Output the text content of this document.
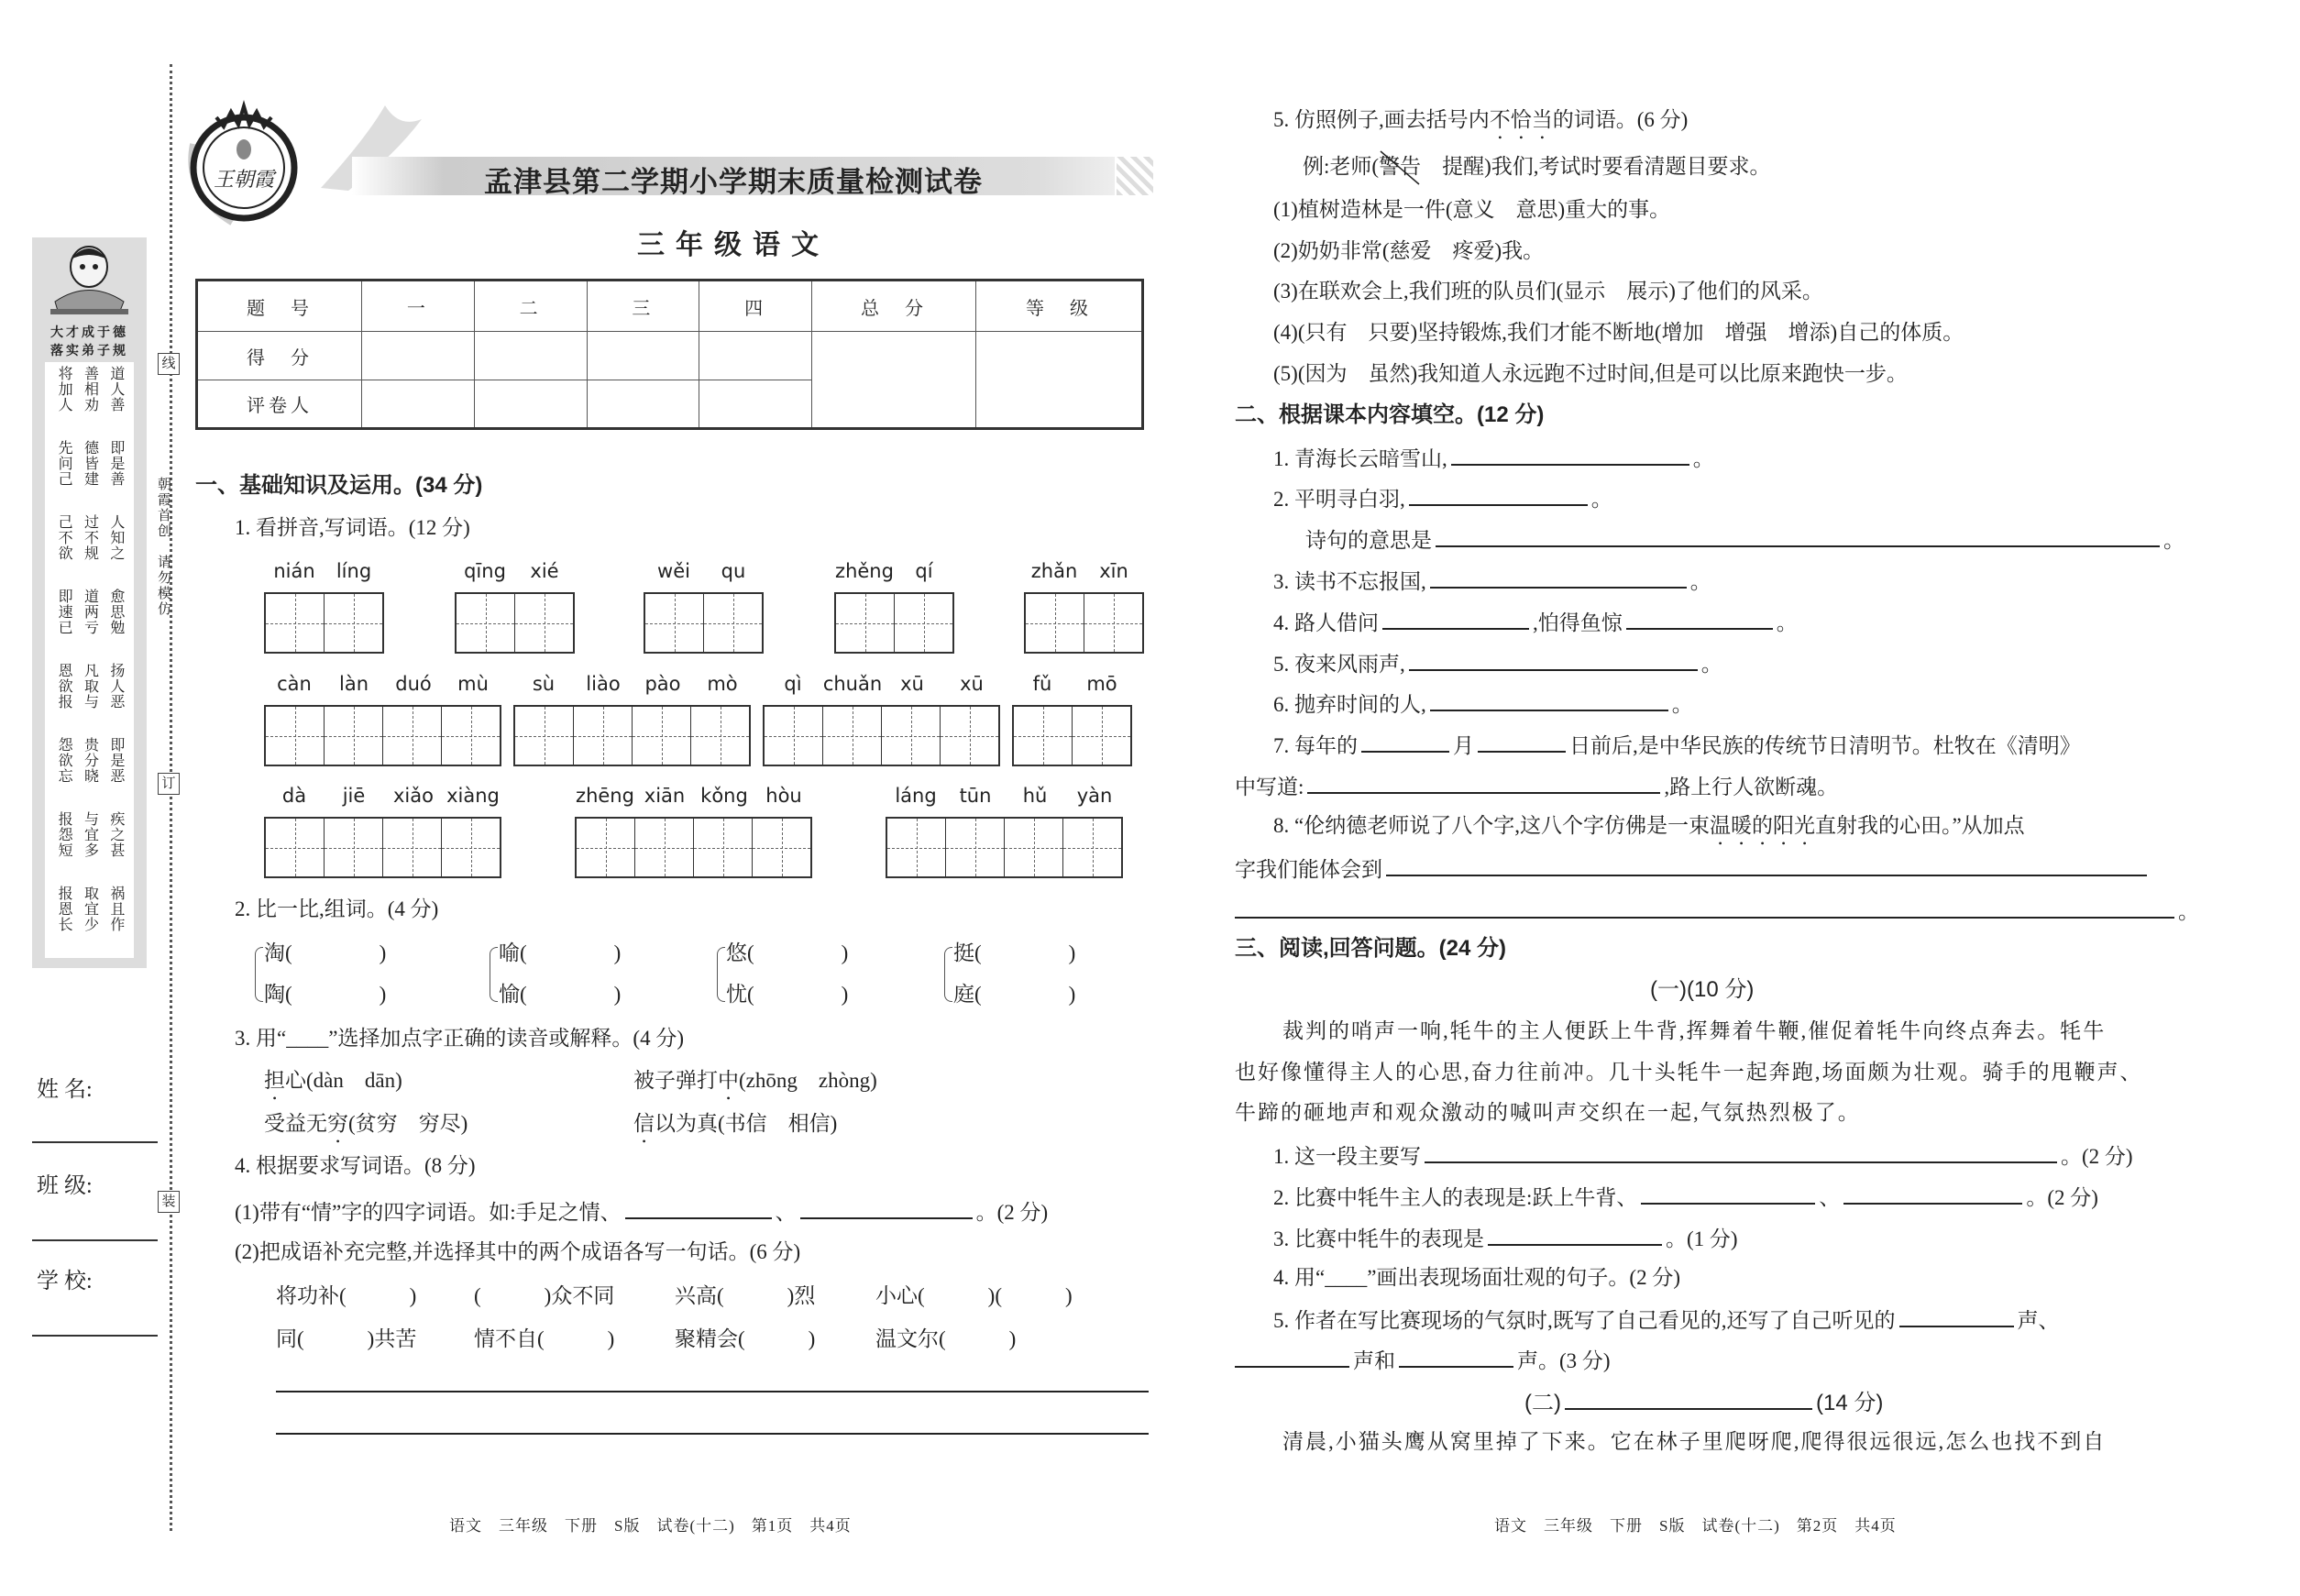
线
订
装
朝霞首创　请勿模仿
大才成于德
落实弟子规
将加人 善相劝 道人善
先问己 德皆建 即是善
己不欲 过不规 人知之
即速已 道两亏 愈思勉
恩欲报 凡取与 扬人恶
怨欲忘 贵分晓 即是恶
报怨短 与宜多 疾之甚
报恩长 取宜少 祸且作
姓 名:
班 级:
学 校:
王朝霞	孟津县第二学期小学期末质量检测试卷
三年级语文
题　号	一	二	三	四	总　分	等　级
得　分						
评卷人						
一、基础知识及运用。(34 分)
1. 看拼音,写词语。(12 分)
nián líng	qīng xié	wěi qu	zhěng qí	zhǎn xīn
càn làn duó mù sù liào pào mò qì chuǎn xū xū	fǔ mō
dà jiē xiǎo xiàng	zhēng xiān kǒng hòu	láng tūn hǔ yàn
2. 比一比,组词。(4 分)
淘(	)
陶(	)
喻(	)
愉(	)
悠(	)
忧(	)
挺(	)
庭(	)
3. 用“____”选择加点字正确的读音或解释。(4 分)
担心(dàn　dān)	被子弹打中(zhōng　zhòng)
受益无穷(贫穷　穷尽)	信以为真(书信　相信)
4. 根据要求写词语。(8 分)
(1)带有“情”字的四字词语。如:手足之情、	、	。(2 分)
(2)把成语补充完整,并选择其中的两个成语各写一句话。(6 分)
将功补(　　　)	(　　　)众不同	兴高(　　　)烈	小心(　　　)(　　　)
同(　　　)共苦	情不自(　　　)	聚精会(　　　)	温文尔(　　　)
语文　三年级　下册　S版　试卷(十二)　第1页　共4页
5. 仿照例子,画去括号内不恰当的词语。(6 分)
例:老师(警告
　提醒)我们,考试时要看清题目要求。
(1)植树造林是一件(意义　意思)重大的事。
(2)奶奶非常(慈爱　疼爱)我。
(3)在联欢会上,我们班的队员们(显示　展示)了他们的风采。
(4)(只有　只要)坚持锻炼,我们才能不断地(增加　增强　增添)自己的体质。
(5)(因为　虽然)我知道人永远跑不过时间,但是可以比原来跑快一步。
二、根据课本内容填空。(12 分)
1. 青海长云暗雪山,	。
2. 平明寻白羽,	。
诗句的意思是	。
3. 读书不忘报国,	。
4. 路人借问	,怕得鱼惊	。
5. 夜来风雨声,	。
6. 抛弃时间的人,	。
7. 每年的	月	日前后,是中华民族的传统节日清明节。杜牧在《清明》
中写道:	,路上行人欲断魂。
8. “伦纳德老师说了八个字,这八个字仿佛是一束温暖的阳光直射我的心田。”从加点
字我们能体会到
。
三、阅读,回答问题。(24 分)
(一)(10 分)
裁判的哨声一响,牦牛的主人便跃上牛背,挥舞着牛鞭,催促着牦牛向终点奔去。牦牛
也好像懂得主人的心思,奋力往前冲。几十头牦牛一起奔跑,场面颇为壮观。骑手的甩鞭声、
牛蹄的砸地声和观众激动的喊叫声交织在一起,气氛热烈极了。
1. 这一段主要写	。(2 分)
2. 比赛中牦牛主人的表现是:跃上牛背、	、	。(2 分)
3. 比赛中牦牛的表现是	。(1 分)
4. 用“____”画出表现场面壮观的句子。(2 分)
5. 作者在写比赛现场的气氛时,既写了自己看见的,还写了自己听见的	声、
声和	声。(3 分)
(二)	(14 分)
清晨,小猫头鹰从窝里掉了下来。它在林子里爬呀爬,爬得很远很远,怎么也找不到自
语文　三年级　下册　S版　试卷(十二)　第2页　共4页
